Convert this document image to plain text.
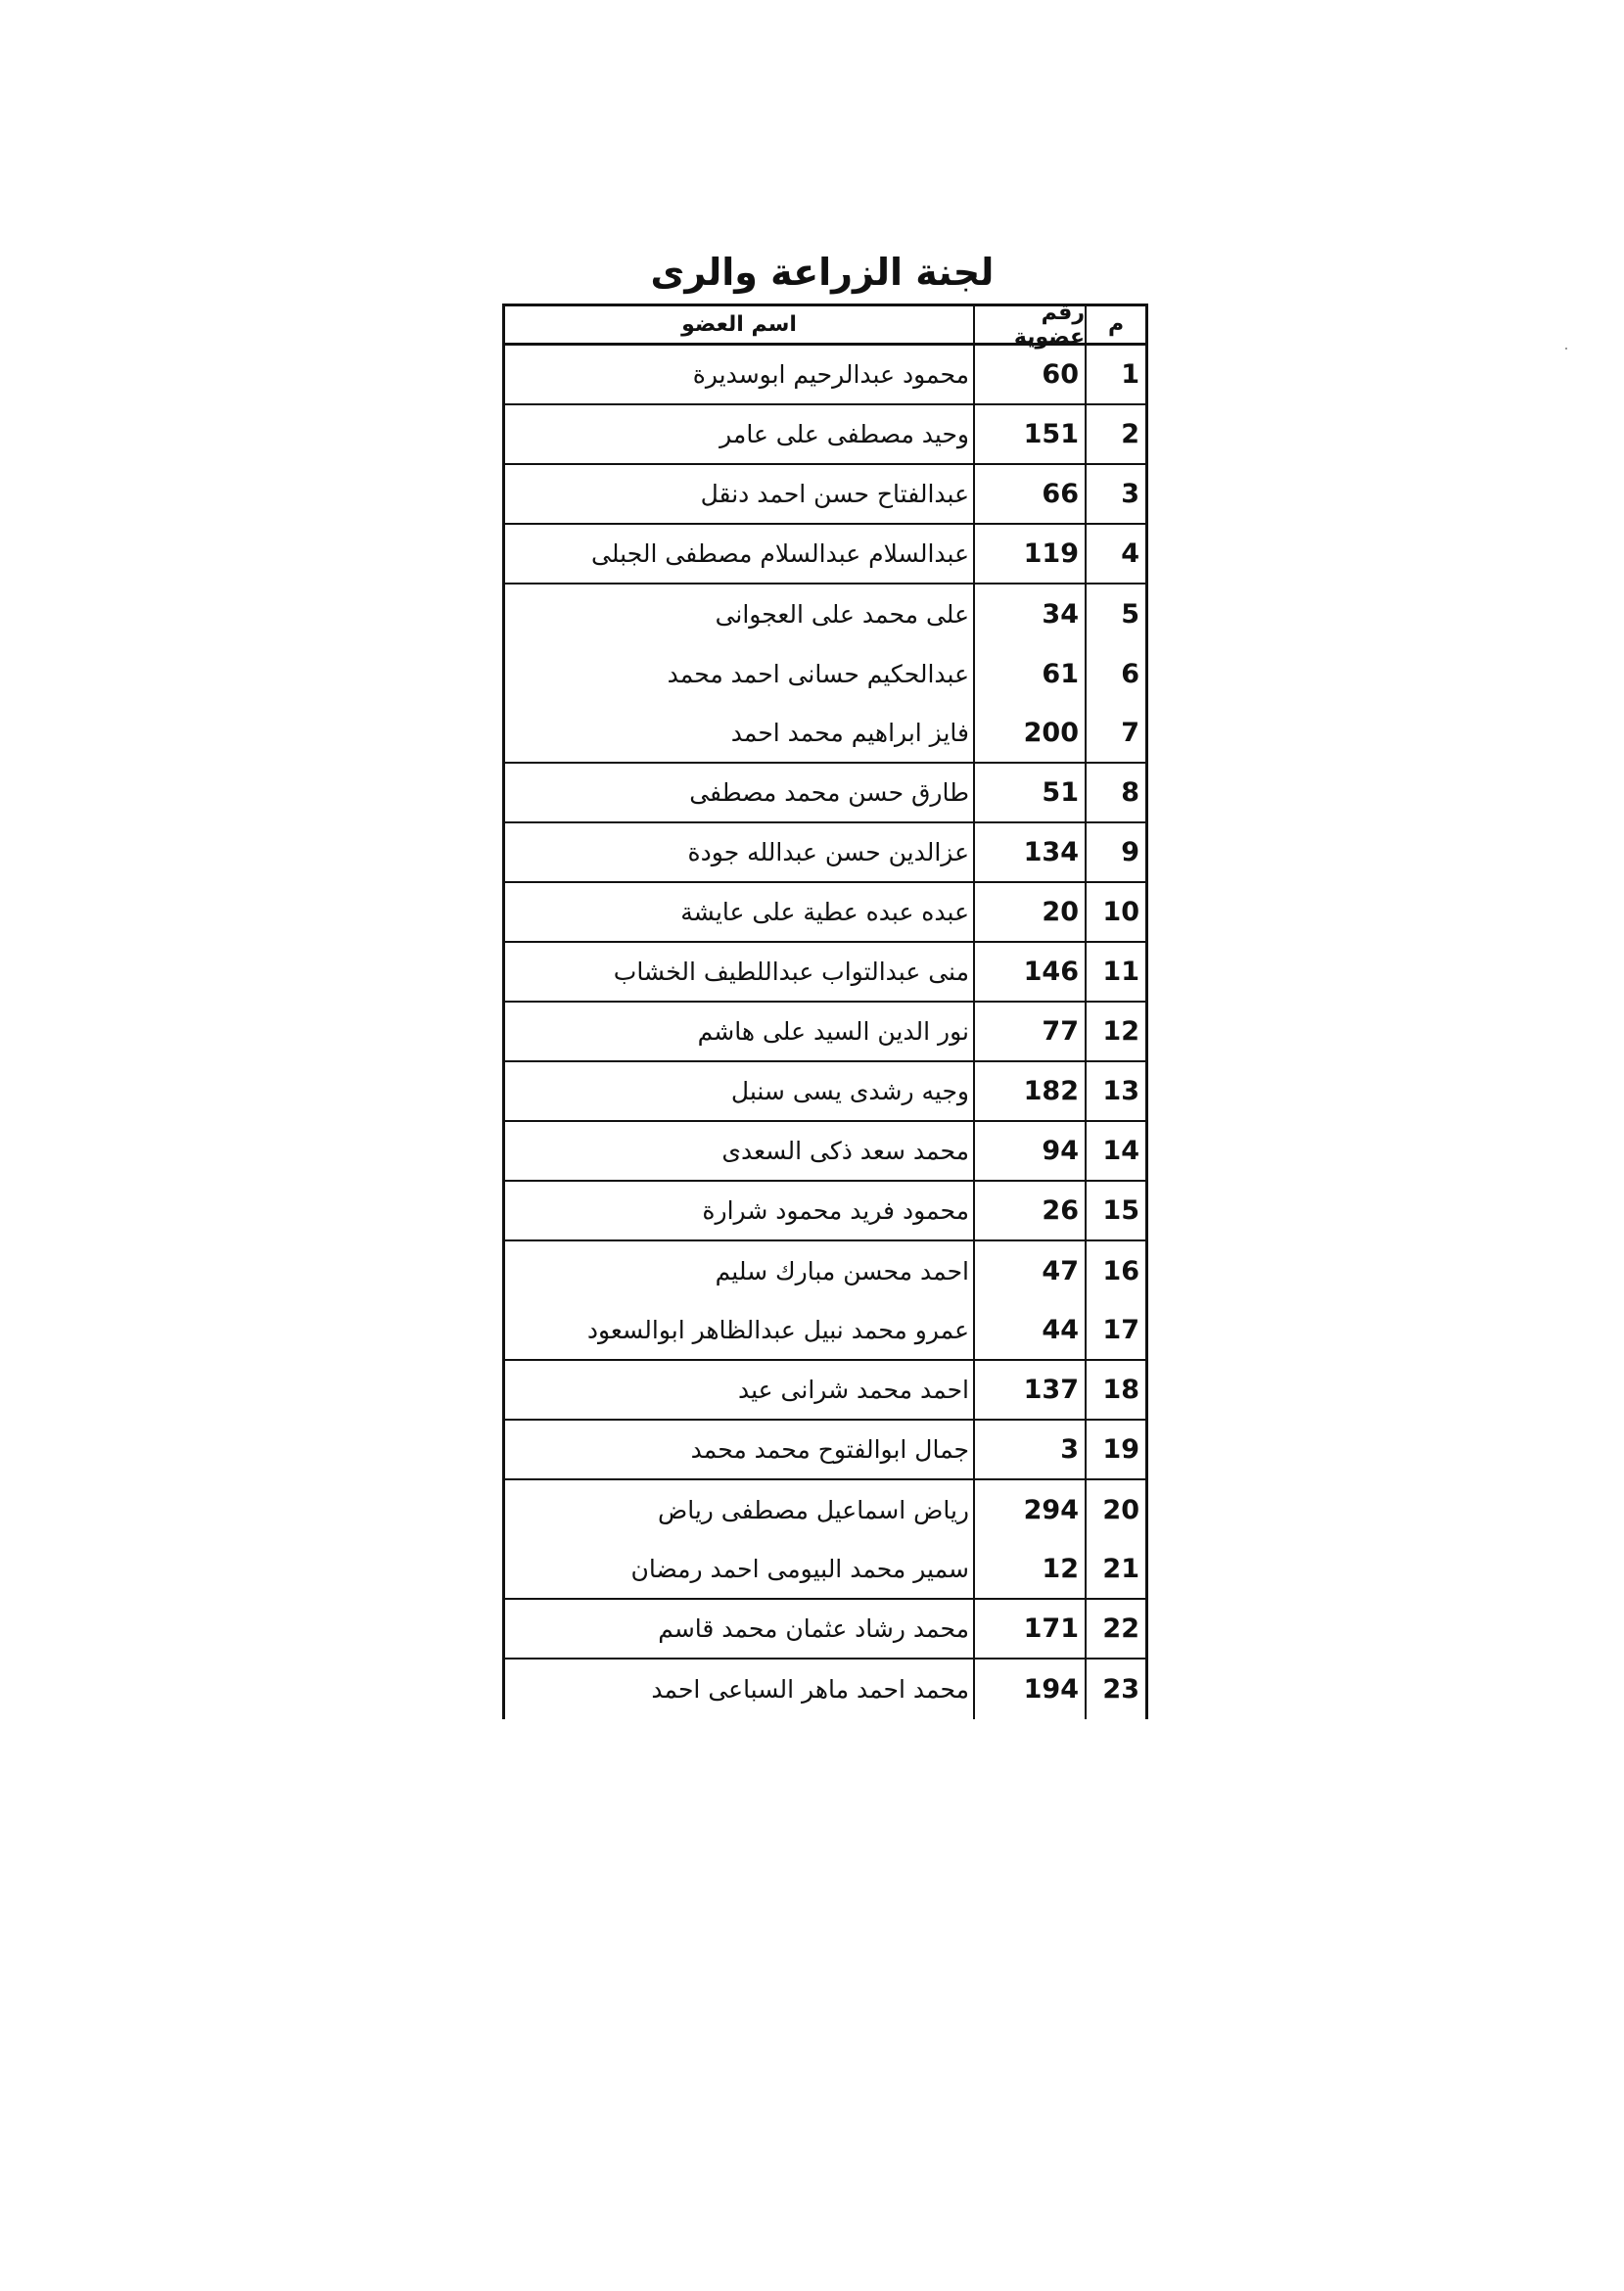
لجنة الزراعة والرى
م
رقم عضوية
اسم العضو
1
60
محمود عبدالرحيم ابوسديرة
2
151
وحيد مصطفى على عامر
3
66
عبدالفتاح حسن احمد دنقل
4
119
عبدالسلام عبدالسلام مصطفى الجبلى
5
34
على محمد على العجوانى
6
61
عبدالحكيم حسانى احمد محمد
7
200
فايز ابراهيم محمد احمد
8
51
طارق حسن محمد مصطفى
9
134
عزالدين حسن عبدالله جودة
10
20
عبده عبده عطية على عايشة
11
146
منى عبدالتواب عبداللطيف الخشاب
12
77
نور الدين السيد على هاشم
13
182
وجيه رشدى يسى سنبل
14
94
محمد سعد ذكى السعدى
15
26
محمود فريد محمود شرارة
16
47
احمد محسن مبارك سليم
17
44
عمرو محمد نبيل عبدالظاهر ابوالسعود
18
137
احمد محمد شرانى عيد
19
3
جمال ابوالفتوح محمد محمد
20
294
رياض اسماعيل مصطفى رياض
21
12
سمير محمد البيومى احمد رمضان
22
171
محمد رشاد عثمان محمد قاسم
23
194
محمد احمد ماهر السباعى احمد
